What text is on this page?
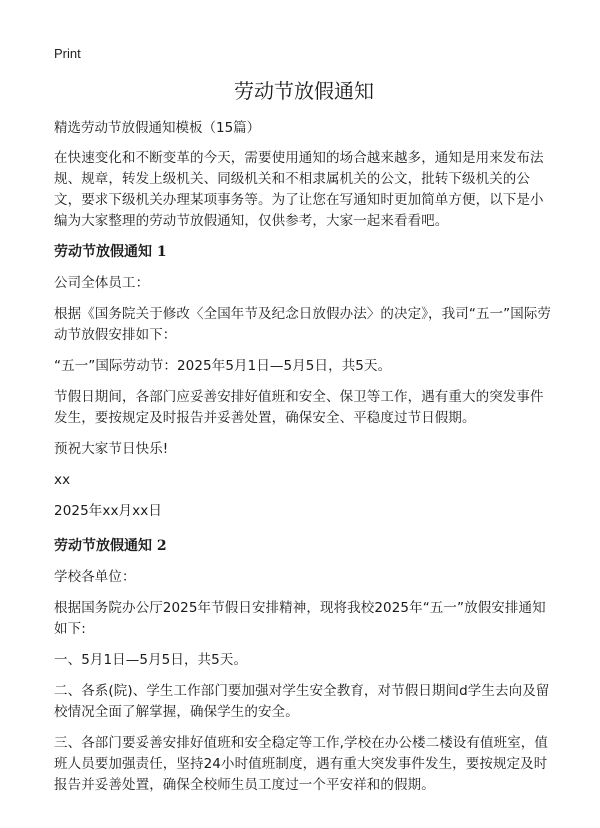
Print
劳动节放假通知
精选劳动节放假通知模板（15篇）

在快速变化和不断变革的今天，需要使用通知的场合越来越多，通知是用来发布法规、规章，转发上级机关、同级机关和不相隶属机关的公文，批转下级机关的公文，要求下级机关办理某项事务等。为了让您在写通知时更加简单方便，以下是小编为大家整理的劳动节放假通知，仅供参考，大家一起来看看吧。

劳动节放假通知 1

公司全体员工：

根据《国务院关于修改〈全国年节及纪念日放假办法〉的决定》，我司“五一”国际劳动节放假安排如下：

“五一”国际劳动节：2025年5月1日—5月5日，共5天。

节假日期间，各部门应妥善安排好值班和安全、保卫等工作，遇有重大的突发事件发生，要按规定及时报告并妥善处置，确保安全、平稳度过节日假期。

预祝大家节日快乐!

xx

2025年xx月xx日

劳动节放假通知 2

学校各单位：

根据国务院办公厅2025年节假日安排精神，现将我校2025年“五一”放假安排通知如下:

一、5月1日—5月5日，共5天。

二、各系(院)、学生工作部门要加强对学生安全教育，对节假日期间d学生去向及留校情况全面了解掌握，确保学生的安全。

三、各部门要妥善安排好值班和安全稳定等工作,学校在办公楼二楼设有值班室，值班人员要加强责任，坚持24小时值班制度，遇有重大突发事件发生，要按规定及时报告并妥善处置，确保全校师生员工度过一个平安祥和的假期。
